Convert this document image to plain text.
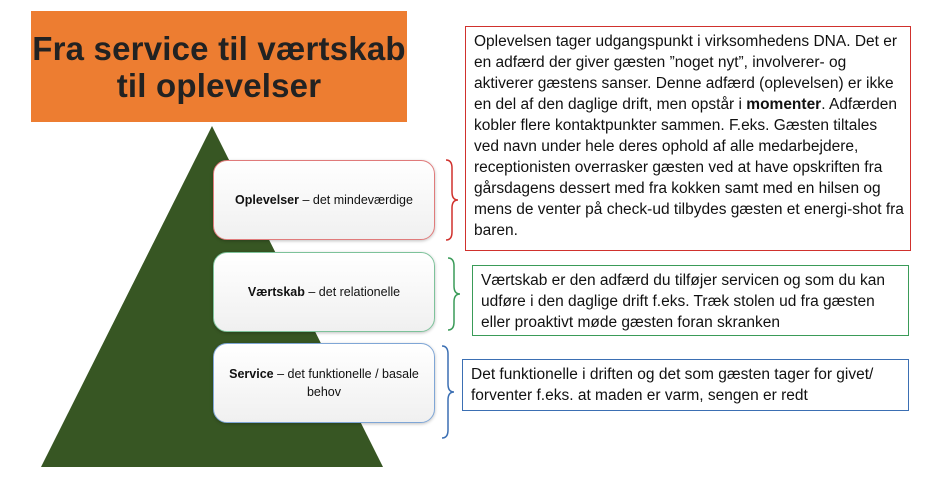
Fra service til værtskab
til oplevelser
Oplevelser – det mindeværdige
Værtskab – det relationelle
Service – det funktionelle / basale
behov
Oplevelsen tager udgangspunkt i virksomhedens DNA. Det er en adfærd der giver gæsten ”noget nyt”, involverer- og aktiverer gæstens sanser. Denne adfærd (oplevelsen) er ikke en del af den daglige drift, men opstår i momenter. Adfærden kobler flere kontaktpunkter sammen. F.eks. Gæsten tiltales ved navn under hele deres ophold af alle medarbejdere, receptionisten overrasker gæsten ved at have opskriften fra gårsdagens dessert med fra kokken samt med en hilsen og mens de venter på check-ud tilbydes gæsten et energi-shot fra baren.
Værtskab er den adfærd du tilføjer servicen og som du kan udføre i den daglige drift f.eks. Træk stolen ud fra gæsten eller proaktivt møde gæsten foran skranken
Det funktionelle i driften og det som gæsten tager for givet/ forventer f.eks. at maden er varm, sengen er redt
